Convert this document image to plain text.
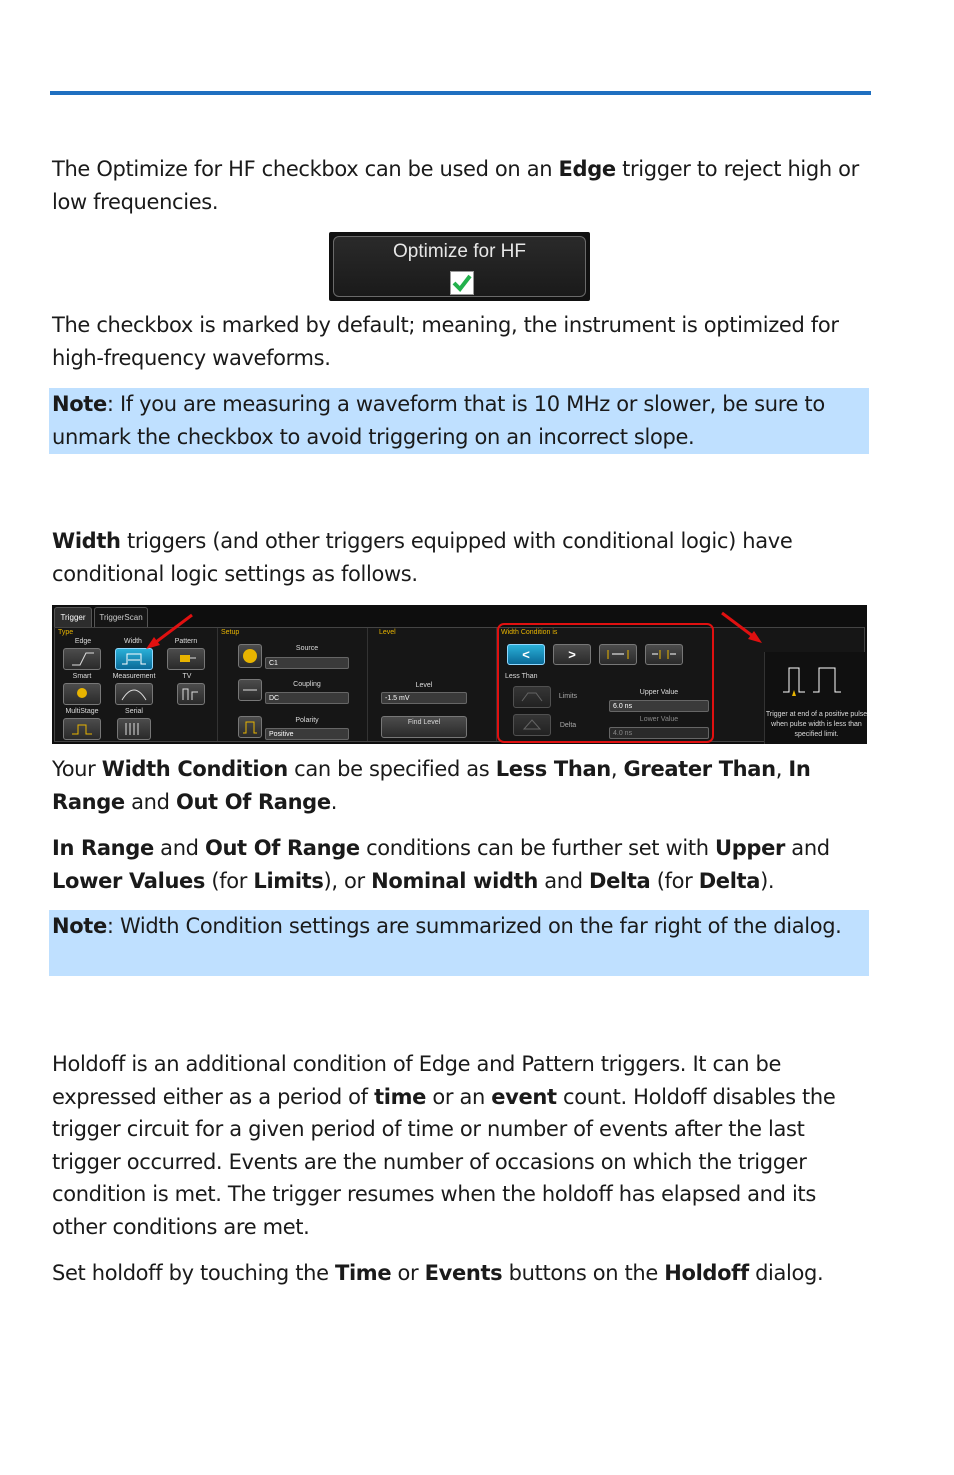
The Optimize for HF checkbox can be used on an Edge trigger to reject high or low frequencies.

Optimize for HF

The checkbox is marked by default; meaning, the instrument is optimized for high-frequency waveforms.

Note: If you are measuring a waveform that is 10 MHz or slower, be sure to unmark the checkbox to avoid triggering on an incorrect slope.

Width triggers (and other triggers equipped with conditional logic) have conditional logic settings as follows.

Trigger	TriggerScan
Type
Edge	Width	Pattern
Smart	Measurement	TV
MultiStage	Serial
Setup
Source
C1
Coupling
DC
Polarity
Positive
Level
Level
-1.5 mV
Find Level
Width Condition is
<	>
Less Than
Limits
Delta
Upper Value
6.0 ns
Lower Value
4.0 ns
Trigger at end of a positive pulse when pulse width is less than specified limit.

Your Width Condition can be specified as Less Than, Greater Than, In Range and Out Of Range.

In Range and Out Of Range conditions can be further set with Upper and Lower Values (for Limits), or Nominal width and Delta (for Delta).

Note: Width Condition settings are summarized on the far right of the dialog.

Holdoff is an additional condition of Edge and Pattern triggers. It can be expressed either as a period of time or an event count. Holdoff disables the trigger circuit for a given period of time or number of events after the last trigger occurred. Events are the number of occasions on which the trigger condition is met. The trigger resumes when the holdoff has elapsed and its other conditions are met.

Set holdoff by touching the Time or Events buttons on the Holdoff dialog.
